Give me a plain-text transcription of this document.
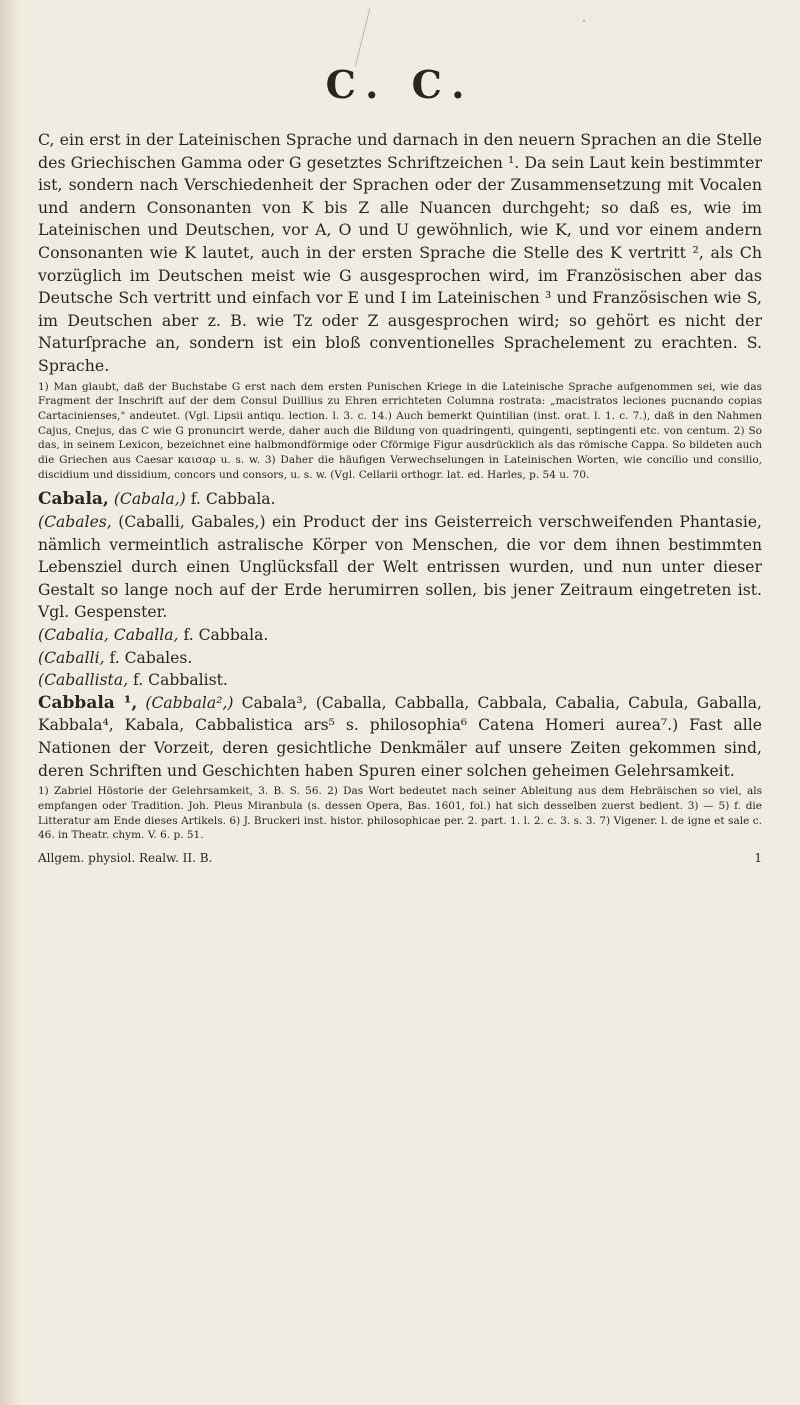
C. C.

C, ein erst in der Lateinischen Sprache und darnach in den neuern Sprachen an die Stelle des Griechischen Gamma oder G gesetztes Schriftzeichen ¹. Da sein Laut kein bestimmter ist, sondern nach Verschiedenheit der Sprachen oder der Zusammensetzung mit Vocalen und andern Consonanten von K bis Z alle Nuancen durchgeht; so daß es, wie im Lateinischen und Deutschen, vor A, O und U gewöhnlich, wie K, und vor einem andern Consonanten wie K lautet, auch in der ersten Sprache die Stelle des K vertritt ², als Ch vorzüglich im Deutschen meist wie G ausgesprochen wird, im Französischen aber das Deutsche Sch vertritt und einfach vor E und I im Lateinischen ³ und Französischen wie S, im Deutschen aber z. B. wie Tz oder Z ausgesprochen wird; so gehört es nicht der Naturſprache an, sondern ist ein bloß conventionelles Sprachelement zu erachten. S. Sprache.

1) Man glaubt, daß der Buchstabe G erst nach dem ersten Punischen Kriege in die Lateinische Sprache aufgenommen sei, wie das Fragment der Inschrift auf der dem Consul Duillius zu Ehren errichteten Columna rostrata: „macistratos leciones pucnando copias Cartacinienses," andeutet. (Vgl. Lipsii antiqu. lection. l. 3. c. 14.) Auch bemerkt Quintilian (inst. orat. l. 1. c. 7.), daß in den Nahmen Cajus, Cnejus, das C wie G pronuncirt werde, daher auch die Bildung von quadringenti, quingenti, septingenti etc. von centum. 2) So das, in seinem Lexicon, bezeichnet eine halbmondförmige oder Cförmige Figur ausdrücklich als das römische Cappa. So bildeten auch die Griechen aus Caesar καισαρ u. s. w. 3) Daher die häufigen Verwechselungen in Lateinischen Worten, wie concilio und consilio, discidium und dissidium, concors und consors, u. s. w. (Vgl. Cellarii orthogr. lat. ed. Harles, p. 54 u. 70.

Cabala, (Cabala,) f. Cabbala.

(Cabales, (Caballi, Gabales,) ein Product der ins Geisterreich verschweifenden Phantasie, nämlich vermeintlich astralische Körper von Menschen, die vor dem ihnen bestimmten Lebensziel durch einen Unglücksfall der Welt entrissen wurden, und nun unter dieser Gestalt so lange noch auf der Erde herumirren sollen, bis jener Zeitraum eingetreten ist. Vgl. Gespenster.

(Cabalia, Caballa, f. Cabbala.

(Caballi, f. Cabales.

(Caballista, f. Cabbalist.

Cabbala ¹, (Cabbala²,) Cabala³, (Caballa, Cabballa, Cabbala, Cabalia, Cabula, Gaballa, Kabbala⁴, Kabala, Cabbalistica ars⁵ s. philosophia⁶ Catena Homeri aurea⁷.) Fast alle Nationen der Vorzeit, deren gesichtliche Denkmäler auf unsere Zeiten gekommen sind, deren Schriften und Geschichten haben Spuren einer solchen geheimen Gelehrsamkeit.

1) Zabriel Höstorie der Gelehrsamkeit, 3. B. S. 56. 2) Das Wort bedeutet nach seiner Ableitung aus dem Hebräischen so viel, als empfangen oder Tradition. Joh. Pleus Miranbula (s. dessen Opera, Bas. 1601, fol.) hat sich desselben zuerst bedient. 3) — 5) f. die Litteratur am Ende dieses Artikels. 6) J. Bruckeri inst. histor. philosophicae per. 2. part. 1. l. 2. c. 3. s. 3. 7) Vigener. l. de igne et sale c. 46. in Theatr. chym. V. 6. p. 51.

Allgem. physiol. Realw. II. B.	1
